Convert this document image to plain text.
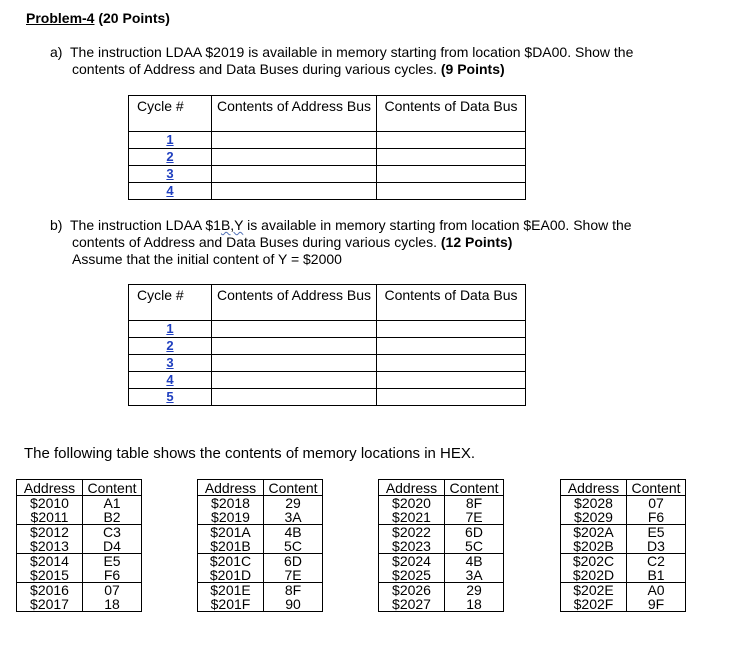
Problem-4 (20 Points)
a)  The instruction LDAA $2019 is available in memory starting from location $DA00. Show the
contents of Address and Data Buses during various cycles. (9 Points)
Cycle #	Contents of Address Bus	Contents of Data Bus
1		
2		
3		
4		
b)  The instruction LDAA $1B,Y is available in memory starting from location $EA00. Show the
contents of Address and Data Buses during various cycles. (12 Points)
Assume that the initial content of Y = $2000
Cycle #	Contents of Address Bus	Contents of Data Bus
1		
2		
3		
4		
5		
The following table shows the contents of memory locations in HEX.
Address	Content
$2010	A1
$2011	B2
$2012	C3
$2013	D4
$2014	E5
$2015	F6
$2016	07
$2017	18
Address	Content
$2018	29
$2019	3A
$201A	4B
$201B	5C
$201C	6D
$201D	7E
$201E	8F
$201F	90
Address	Content
$2020	8F
$2021	7E
$2022	6D
$2023	5C
$2024	4B
$2025	3A
$2026	29
$2027	18
Address	Content
$2028	07
$2029	F6
$202A	E5
$202B	D3
$202C	C2
$202D	B1
$202E	A0
$202F	9F
